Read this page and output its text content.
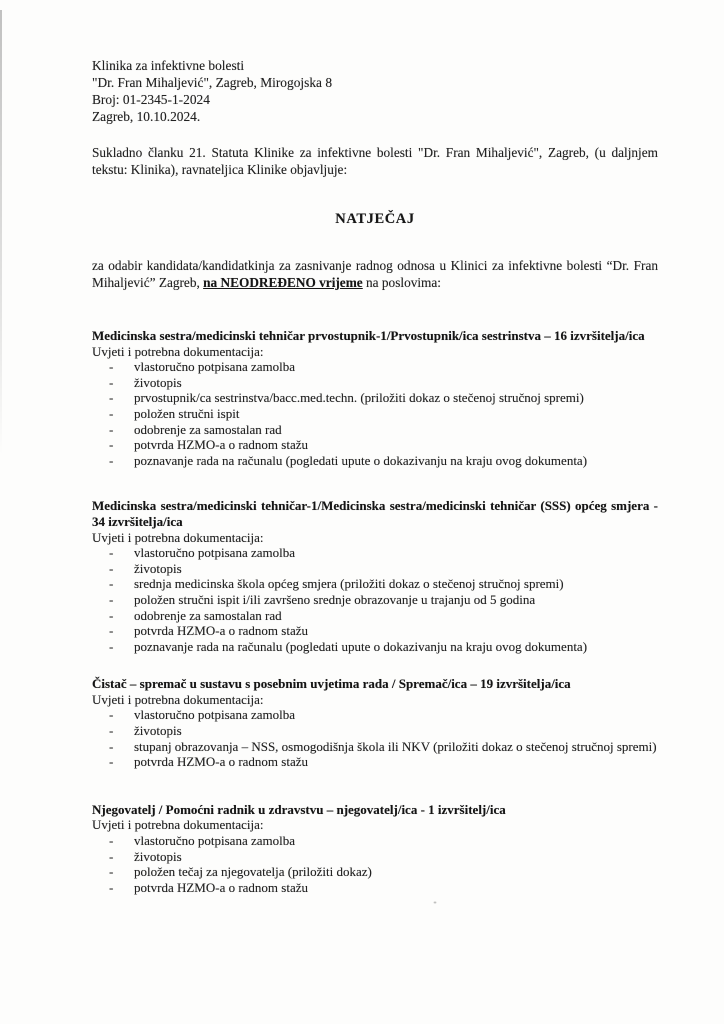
Klinika za infektivne bolesti
"Dr. Fran Mihaljević", Zagreb, Mirogojska 8
Broj: 01-2345-1-2024
Zagreb, 10.10.2024.

Sukladno članku 21. Statuta Klinike za infektivne bolesti "Dr. Fran Mihaljević", Zagreb, (u daljnjem tekstu: Klinika), ravnateljica Klinike objavljuje:

NATJEČAJ

za odabir kandidata/kandidatkinja za zasnivanje radnog odnosa u Klinici za infektivne bolesti “Dr. Fran Mihaljević” Zagreb, na NEODREĐENO vrijeme na poslovima:

Medicinska sestra/medicinski tehničar prvostupnik-1/Prvostupnik/ica sestrinstva – 16 izvršitelja/ica
Uvjeti i potrebna dokumentacija:
-	vlastoručno potpisana zamolba
-	životopis
-	prvostupnik/ca sestrinstva/bacc.med.techn. (priložiti dokaz o stečenoj stručnoj spremi)
-	položen stručni ispit
-	odobrenje za samostalan rad
-	potvrda HZMO-a o radnom stažu
-	poznavanje rada na računalu (pogledati upute o dokazivanju na kraju ovog dokumenta)
Medicinska sestra/medicinski tehničar-1/Medicinska sestra/medicinski tehničar (SSS) općeg smjera - 34 izvršitelja/ica
Uvjeti i potrebna dokumentacija:
-	vlastoručno potpisana zamolba
-	životopis
-	srednja medicinska škola općeg smjera (priložiti dokaz o stečenoj stručnoj spremi)
-	položen stručni ispit i/ili završeno srednje obrazovanje u trajanju od 5 godina
-	odobrenje za samostalan rad
-	potvrda HZMO-a o radnom stažu
-	poznavanje rada na računalu (pogledati upute o dokazivanju na kraju ovog dokumenta)
Čistač – spremač u sustavu s posebnim uvjetima rada / Spremač/ica – 19 izvršitelja/ica
Uvjeti i potrebna dokumentacija:
-	vlastoručno potpisana zamolba
-	životopis
-	stupanj obrazovanja – NSS, osmogodišnja škola ili NKV (priložiti dokaz o stečenoj stručnoj spremi)
-	potvrda HZMO-a o radnom stažu
Njegovatelj / Pomoćni radnik u zdravstvu – njegovatelj/ica - 1 izvršitelj/ica
Uvjeti i potrebna dokumentacija:
-	vlastoručno potpisana zamolba
-	životopis
-	položen tečaj za njegovatelja (priložiti dokaz)
-	potvrda HZMO-a o radnom stažu
